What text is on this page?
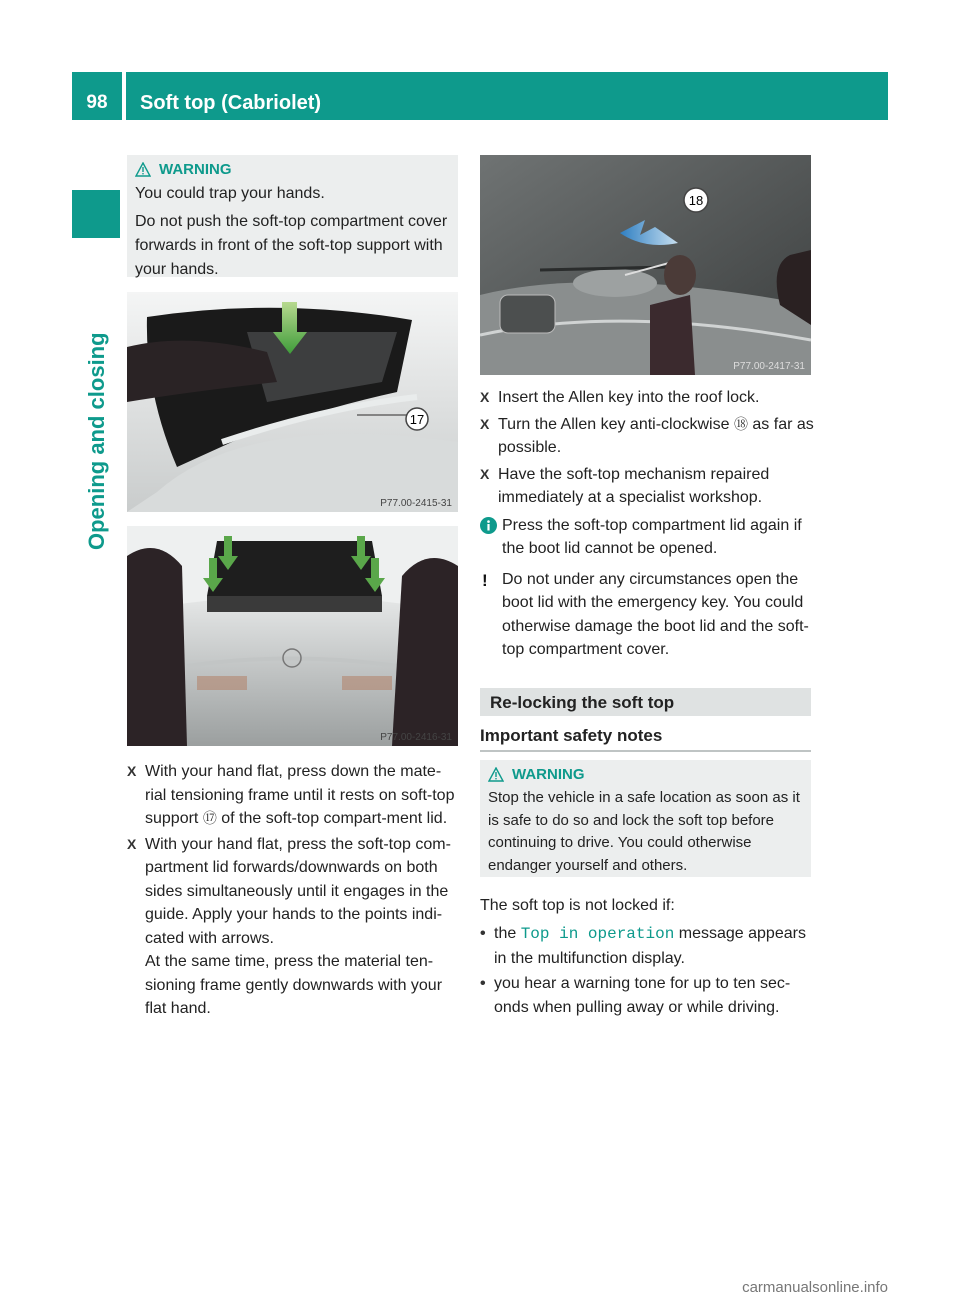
98	Soft top (Cabriolet)
Opening and closing
WARNING

You could trap your hands.

Do not push the soft-top compartment cover forwards in front of the soft-top support with your hands.

17
P77.00-2415-31
P77.00-2416-31
X With your hand flat, press down the mate-rial tensioning frame until it rests on soft-top support ⑰ of the soft-top compart-ment lid.
X With your hand flat, press the soft-top com-partment lid forwards/downwards on both sides simultaneously until it engages in the guide. Apply your hands to the points indi-cated with arrows.
At the same time, press the material ten-sioning frame gently downwards with your flat hand.
18
P77.00-2417-31
X Insert the Allen key into the roof lock.
X Turn the Allen key anti-clockwise ⑱ as far as possible.
X Have the soft-top mechanism repaired immediately at a specialist workshop.
Press the soft-top compartment lid again if the boot lid cannot be opened.
! Do not under any circumstances open the boot lid with the emergency key. You could otherwise damage the boot lid and the soft-top compartment cover.
Re-locking the soft top
Important safety notes
WARNING

Stop the vehicle in a safe location as soon as it is safe to do so and lock the soft top before continuing to drive. You could otherwise endanger yourself and others.

The soft top is not locked if:

• the Top in operation message appears in the multifunction display.
• you hear a warning tone for up to ten sec-onds when pulling away or while driving.
carmanualsonline.info
